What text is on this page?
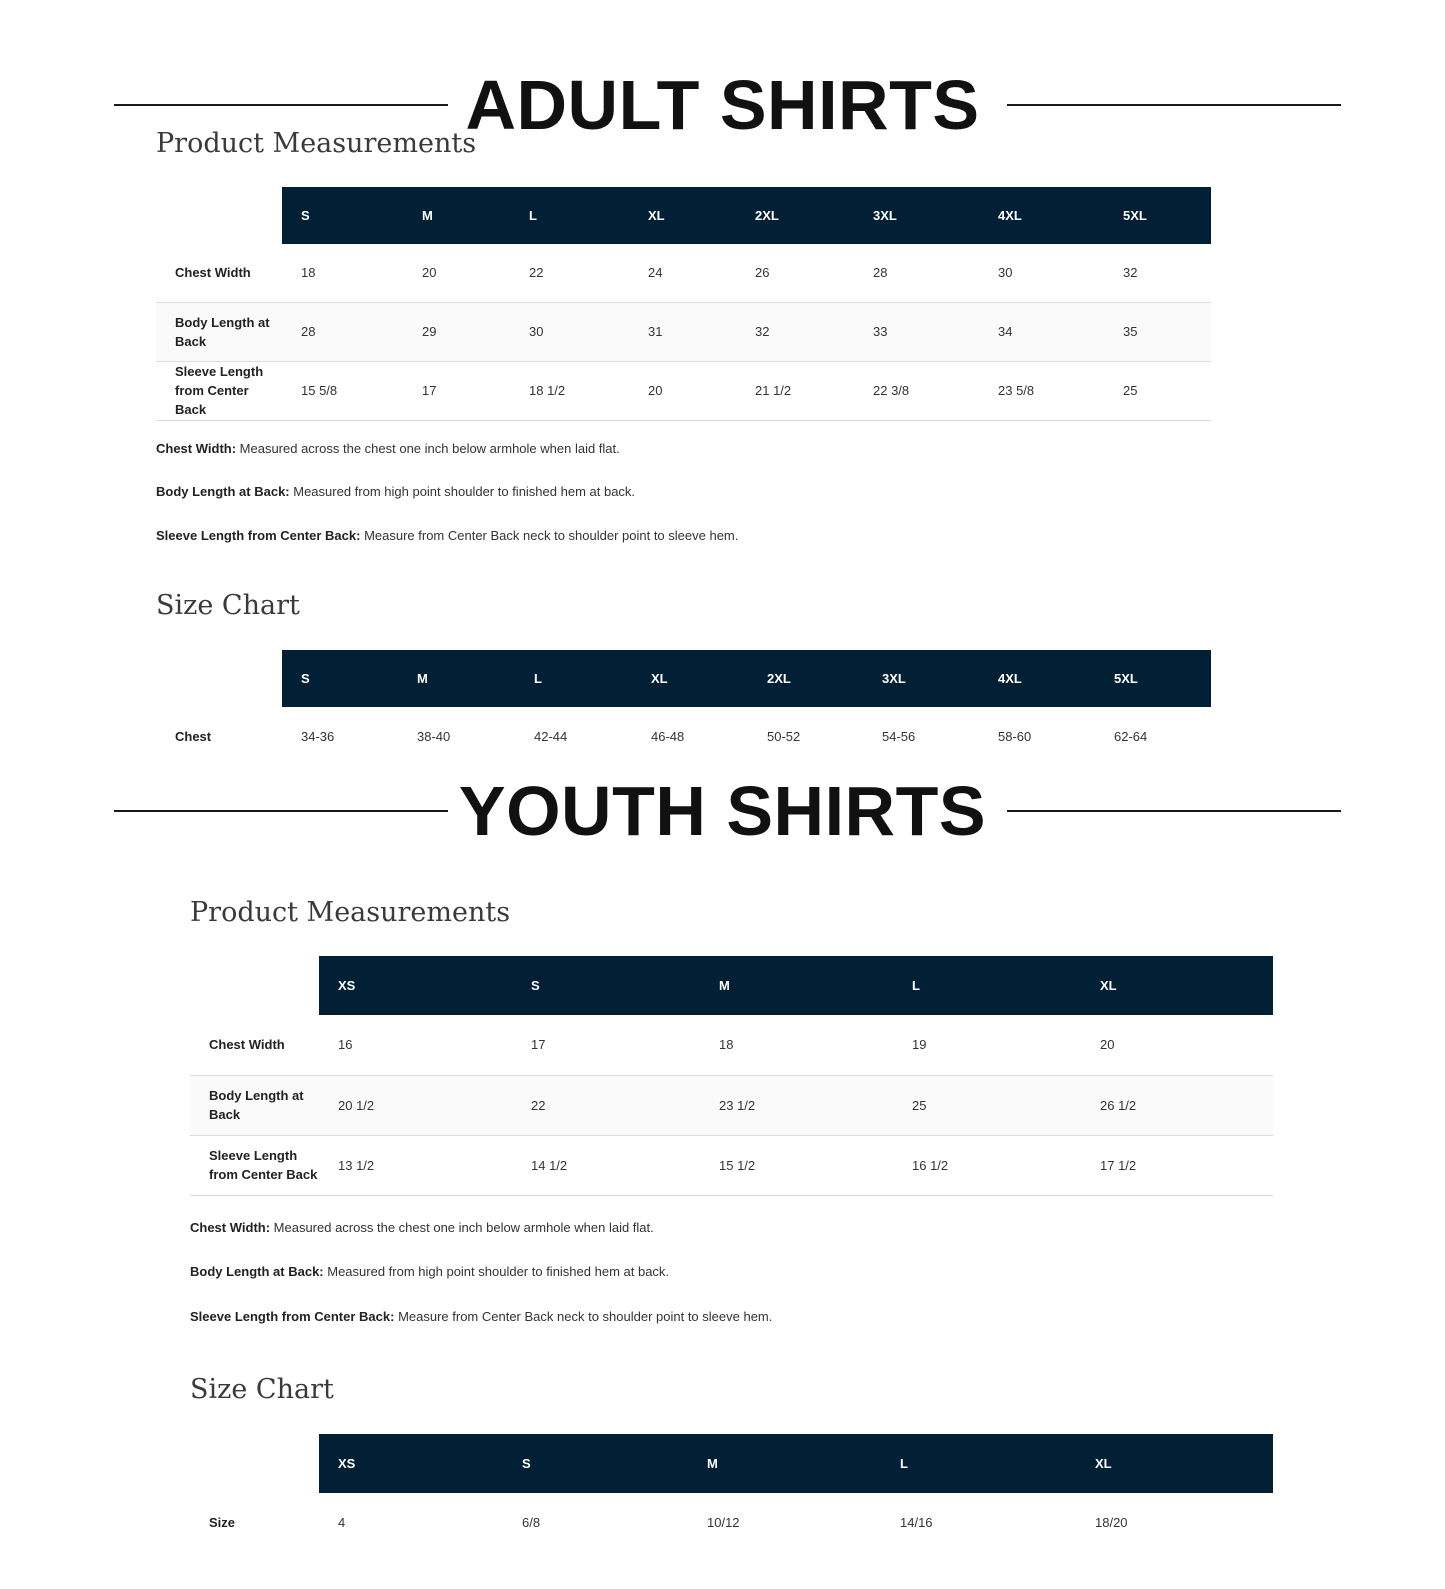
ADULT SHIRTS
Product Measurements
	S	M	L	XL	2XL	3XL	4XL	5XL
Chest Width	18	20	22	24	26	28	30	32
Body Length at Back	28	29	30	31	32	33	34	35
Sleeve Length from Center Back	15 5/8	17	18 1/2	20	21 1/2	22 3/8	23 5/8	25

Chest Width: Measured across the chest one inch below armhole when laid flat.

Body Length at Back: Measured from high point shoulder to finished hem at back.

Sleeve Length from Center Back: Measure from Center Back neck to shoulder point to sleeve hem.

Size Chart
	S	M	L	XL	2XL	3XL	4XL	5XL
Chest	34-36	38-40	42-44	46-48	50-52	54-56	58-60	62-64
YOUTH SHIRTS
Product Measurements
	XS	S	M	L	XL
Chest Width	16	17	18	19	20
Body Length at Back	20 1/2	22	23 1/2	25	26 1/2
Sleeve Length from Center Back	13 1/2	14 1/2	15 1/2	16 1/2	17 1/2

Chest Width: Measured across the chest one inch below armhole when laid flat.

Body Length at Back: Measured from high point shoulder to finished hem at back.

Sleeve Length from Center Back: Measure from Center Back neck to shoulder point to sleeve hem.

Size Chart
	XS	S	M	L	XL
Size	4	6/8	10/12	14/16	18/20
